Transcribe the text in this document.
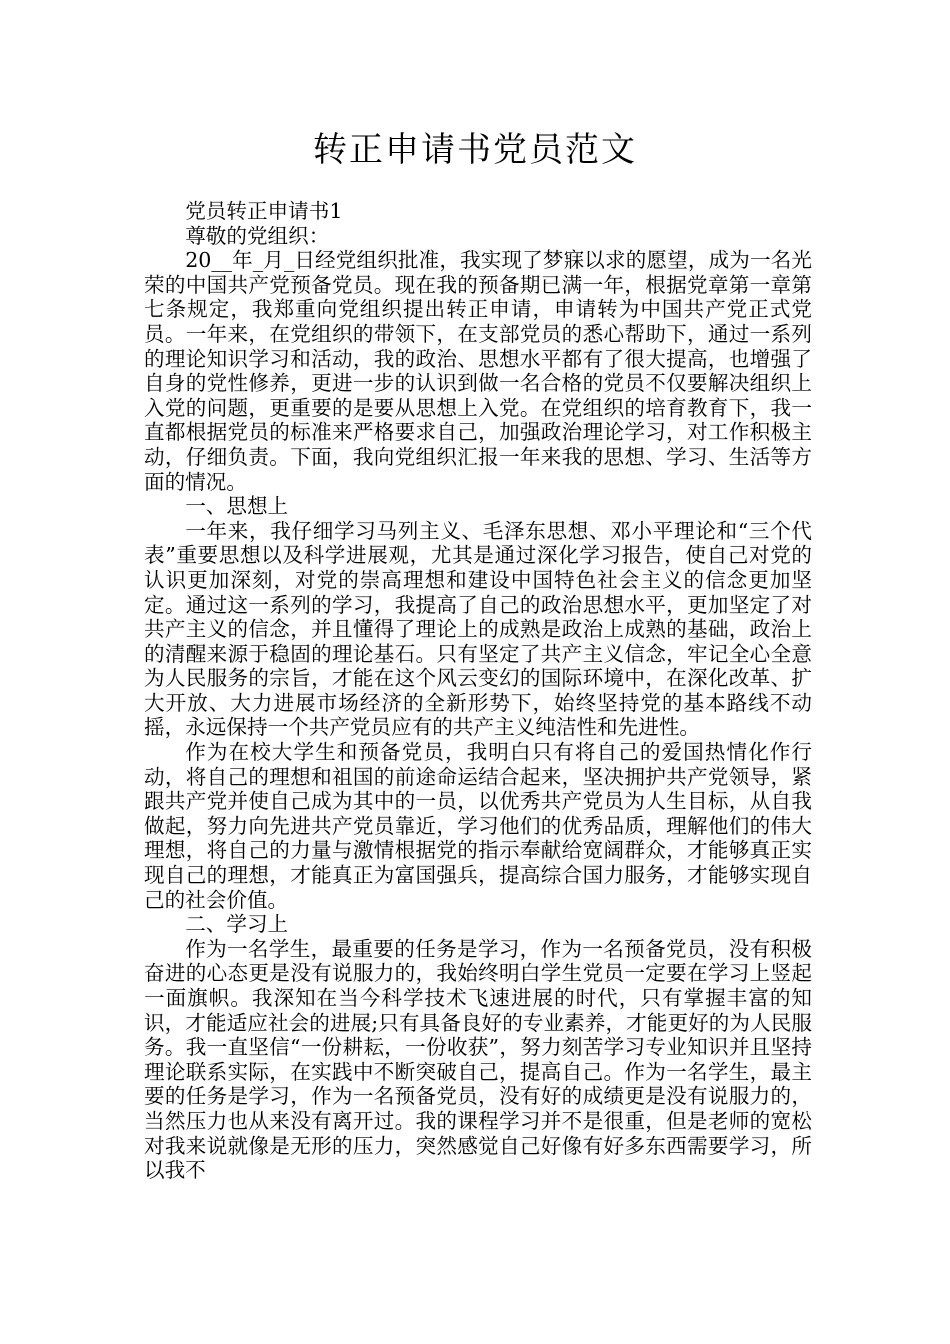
转正申请书党员范文

党员转正申请书1

尊敬的党组织：

20__年_月_日经党组织批准，我实现了梦寐以求的愿望，成为一名光荣的中国共产党预备党员。现在我的预备期已满一年，根据党章第一章第七条规定，我郑重向党组织提出转正申请，申请转为中国共产党正式党员。一年来，在党组织的带领下，在支部党员的悉心帮助下，通过一系列的理论知识学习和活动，我的政治、思想水平都有了很大提高，也增强了自身的党性修养，更进一步的认识到做一名合格的党员不仅要解决组织上入党的问题，更重要的是要从思想上入党。在党组织的培育教育下，我一直都根据党员的标准来严格要求自己，加强政治理论学习，对工作积极主动，仔细负责。下面，我向党组织汇报一年来我的思想、学习、生活等方面的情况。

一、思想上

一年来，我仔细学习马列主义、毛泽东思想、邓小平理论和“三个代表”重要思想以及科学进展观，尤其是通过深化学习报告，使自己对党的认识更加深刻，对党的崇高理想和建设中国特色社会主义的信念更加坚定。通过这一系列的学习，我提高了自己的政治思想水平，更加坚定了对共产主义的信念，并且懂得了理论上的成熟是政治上成熟的基础，政治上的清醒来源于稳固的理论基石。只有坚定了共产主义信念，牢记全心全意为人民服务的宗旨，才能在这个风云变幻的国际环境中，在深化改革、扩大开放、大力进展市场经济的全新形势下，始终坚持党的基本路线不动摇，永远保持一个共产党员应有的共产主义纯洁性和先进性。

作为在校大学生和预备党员，我明白只有将自己的爱国热情化作行动，将自己的理想和祖国的前途命运结合起来，坚决拥护共产党领导，紧跟共产党并使自己成为其中的一员，以优秀共产党员为人生目标，从自我做起，努力向先进共产党员靠近，学习他们的优秀品质，理解他们的伟大理想，将自己的力量与激情根据党的指示奉献给宽阔群众，才能够真正实现自己的理想，才能真正为富国强兵，提高综合国力服务，才能够实现自己的社会价值。

二、学习上

作为一名学生，最重要的任务是学习，作为一名预备党员，没有积极奋进的心态更是没有说服力的，我始终明白学生党员一定要在学习上竖起一面旗帜。我深知在当今科学技术飞速进展的时代，只有掌握丰富的知识，才能适应社会的进展;只有具备良好的专业素养，才能更好的为人民服务。我一直坚信“一份耕耘，一份收获”，努力刻苦学习专业知识并且坚持理论联系实际，在实践中不断突破自己，提高自己。作为一名学生，最主要的任务是学习，作为一名预备党员，没有好的成绩更是没有说服力的，当然压力也从来没有离开过。我的课程学习并不是很重，但是老师的宽松对我来说就像是无形的压力，突然感觉自己好像有好多东西需要学习，所以我不
